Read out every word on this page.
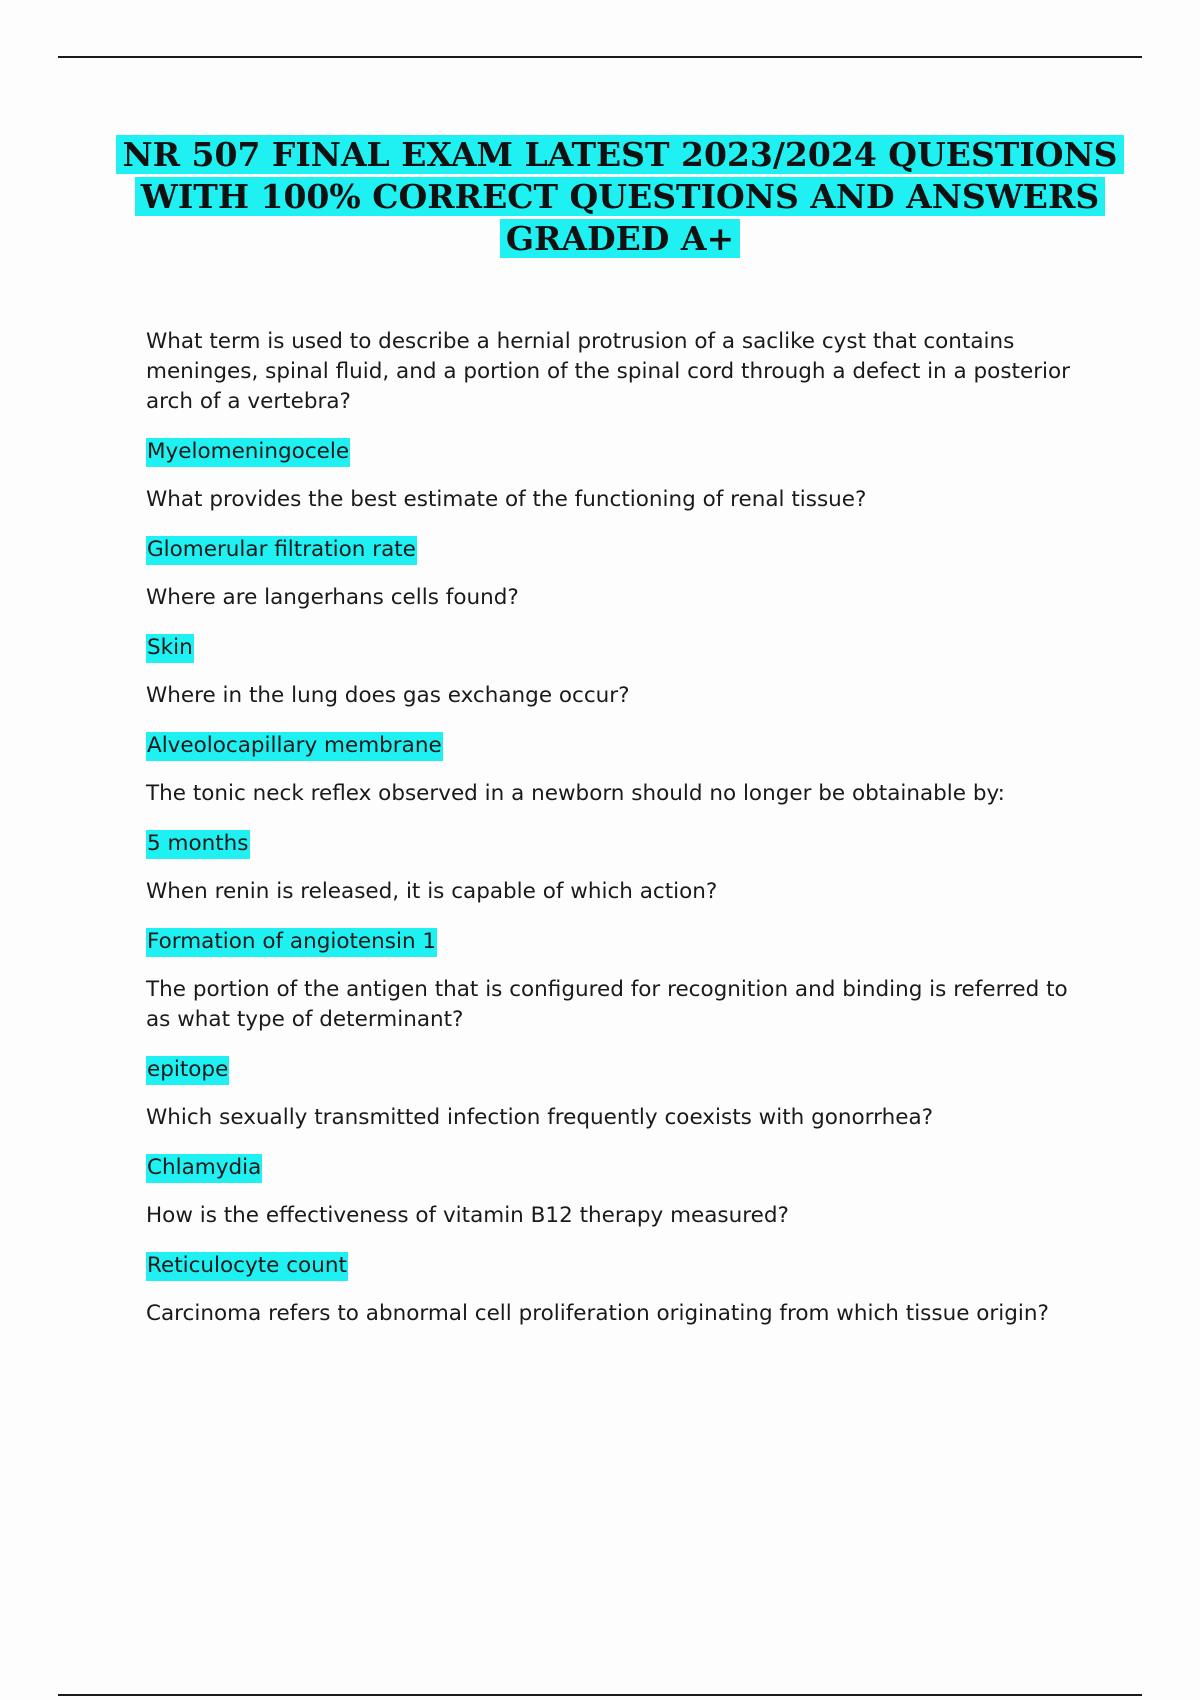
NR 507 FINAL EXAM LATEST 2023/2024 QUESTIONS
WITH 100% CORRECT QUESTIONS AND ANSWERS
GRADED A+

What term is used to describe a hernial protrusion of a saclike cyst that contains meninges, spinal fluid, and a portion of the spinal cord through a defect in a posterior arch of a vertebra?

Myelomeningocele

What provides the best estimate of the functioning of renal tissue?

Glomerular filtration rate

Where are langerhans cells found?

Skin

Where in the lung does gas exchange occur?

Alveolocapillary membrane

The tonic neck reflex observed in a newborn should no longer be obtainable by:

5 months

When renin is released, it is capable of which action?

Formation of angiotensin 1

The portion of the antigen that is configured for recognition and binding is referred to as what type of determinant?

epitope

Which sexually transmitted infection frequently coexists with gonorrhea?

Chlamydia

How is the effectiveness of vitamin B12 therapy measured?

Reticulocyte count

Carcinoma refers to abnormal cell proliferation originating from which tissue origin?
